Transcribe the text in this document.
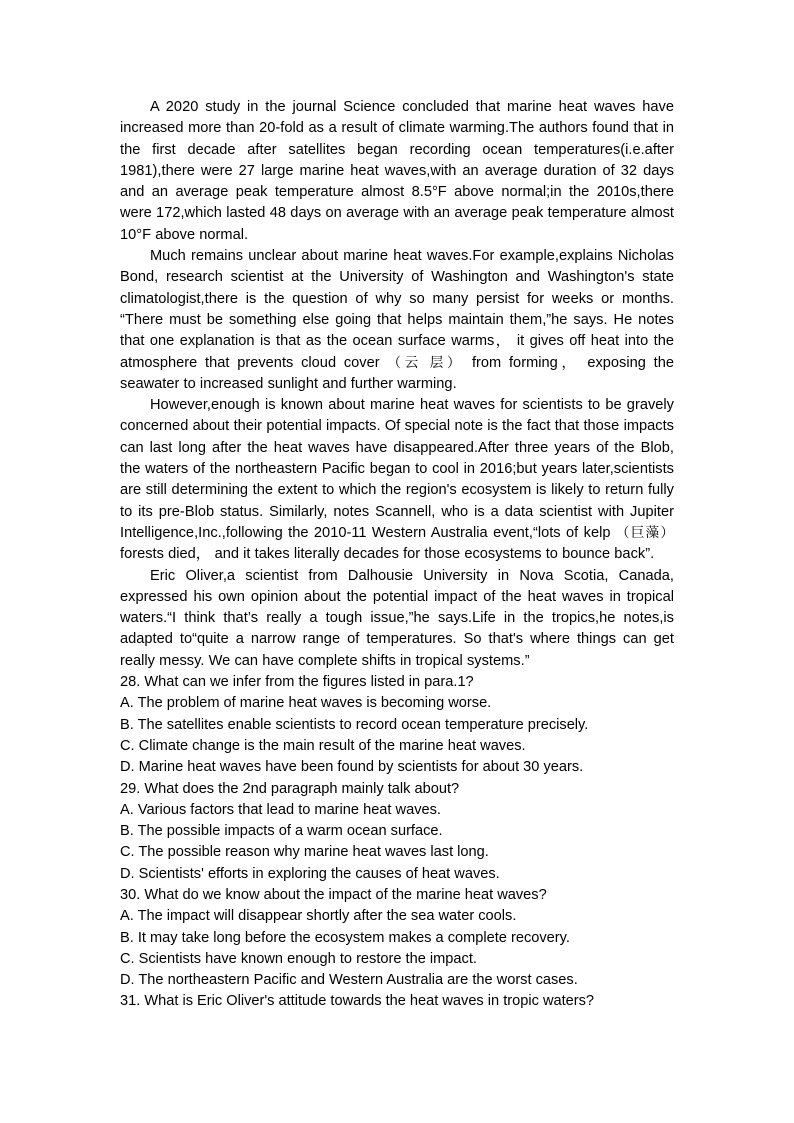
A 2020 study in the journal Science concluded that marine heat waves have increased more than 20-fold as a result of climate warming.The authors found that in the first decade after satellites began recording ocean temperatures(i.e.after 1981),there were 27 large marine heat waves,with an average duration of 32 days and an average peak temperature almost 8.5°F above normal;in the 2010s,there were 172,which lasted 48 days on average with an average peak temperature almost 10°F above normal.

Much remains unclear about marine heat waves.For example,explains Nicholas Bond, research scientist at the University of Washington and Washington's state climatologist,there is the question of why so many persist for weeks or months. “There must be something else going that helps maintain them,”he says. He notes that one explanation is that as the ocean surface warms， it gives off heat into the atmosphere that prevents cloud cover （云 层） from forming， exposing the seawater to increased sunlight and further warming.

However,enough is known about marine heat waves for scientists to be gravely concerned about their potential impacts. Of special note is the fact that those impacts can last long after the heat waves have disappeared.After three years of the Blob, the waters of the northeastern Pacific began to cool in 2016;but years later,scientists are still determining the extent to which the region's ecosystem is likely to return fully to its pre-Blob status. Similarly, notes Scannell, who is a data scientist with Jupiter Intelligence,Inc.,following the 2010-11 Western Australia event,“lots of kelp （巨藻） forests died， and it takes literally decades for those ecosystems to bounce back”.

Eric Oliver,a scientist from Dalhousie University in Nova Scotia, Canada, expressed his own opinion about the potential impact of the heat waves in tropical waters.“I think that’s really a tough issue,”he says.Life in the tropics,he notes,is adapted to“quite a narrow range of temperatures. So that's where things can get really messy. We can have complete shifts in tropical systems.”

28. What can we infer from the figures listed in para.1?

A. The problem of marine heat waves is becoming worse.

B. The satellites enable scientists to record ocean temperature precisely.

C. Climate change is the main result of the marine heat waves.

D. Marine heat waves have been found by scientists for about 30 years.

29. What does the 2nd paragraph mainly talk about?

A. Various factors that lead to marine heat waves.

B. The possible impacts of a warm ocean surface.

C. The possible reason why marine heat waves last long.

D. Scientists' efforts in exploring the causes of heat waves.

30. What do we know about the impact of the marine heat waves?

A. The impact will disappear shortly after the sea water cools.

B. It may take long before the ecosystem makes a complete recovery.

C. Scientists have known enough to restore the impact.

D. The northeastern Pacific and Western Australia are the worst cases.

31. What is Eric Oliver's attitude towards the heat waves in tropic waters?
